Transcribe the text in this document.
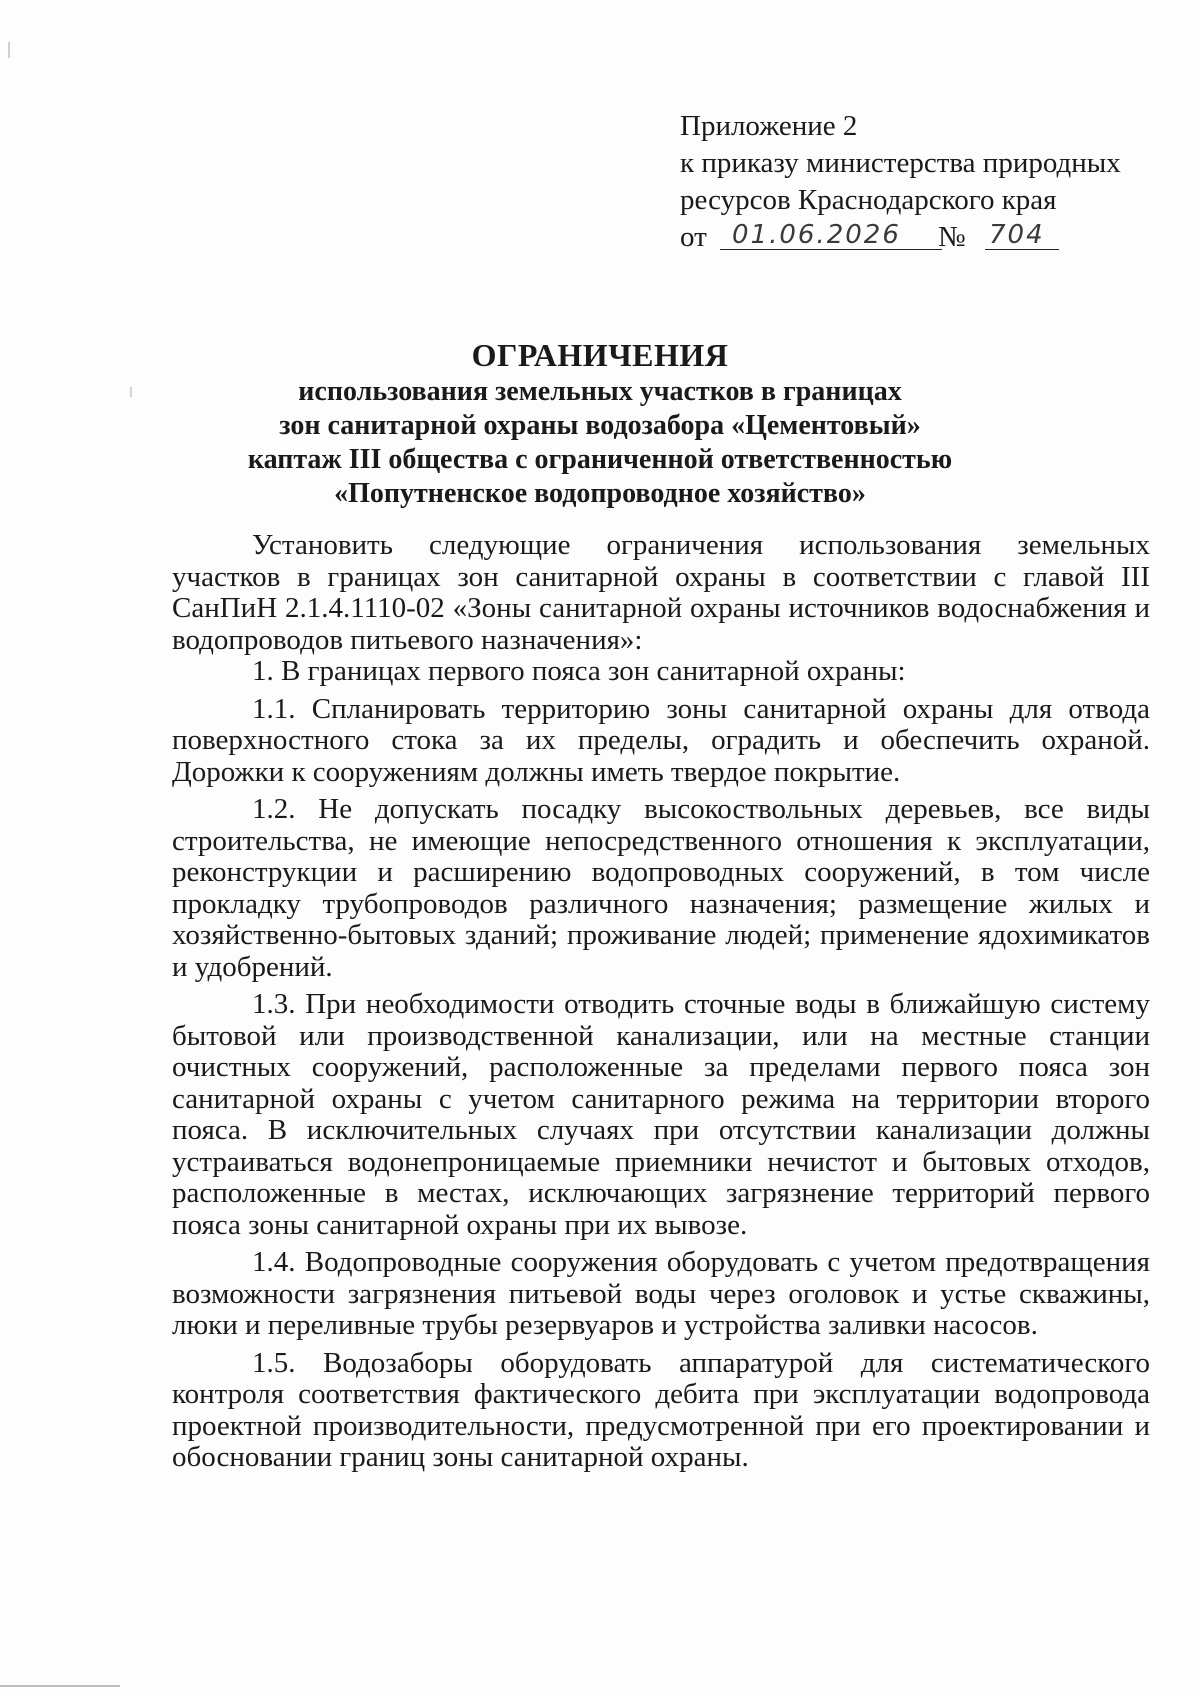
Приложение 2
к приказу министерства природных
ресурсов Краснодарского края
от 01.06.2026	№ 704
ОГРАНИЧЕНИЯ
использования земельных участков в границах
зон санитарной охраны водозабора «Цементовый»
каптаж III общества с ограниченной ответственностью
«Попутненское водопроводное хозяйство»

Установить следующие ограничения использования земельных участков в границах зон санитарной охраны в соответствии с главой III СанПиН 2.1.4.1110-02 «Зоны санитарной охраны источников водоснабжения и водопроводов питьевого назначения»:

1. В границах первого пояса зон санитарной охраны:

1.1. Спланировать территорию зоны санитарной охраны для отвода поверхностного стока за их пределы, оградить и обеспечить охраной. Дорожки к сооружениям должны иметь твердое покрытие.

1.2. Не допускать посадку высокоствольных деревьев, все виды строительства, не имеющие непосредственного отношения к эксплуатации, реконструкции и расширению водопроводных сооружений, в том числе прокладку трубопроводов различного назначения; размещение жилых и хозяйственно-бытовых зданий; проживание людей; применение ядохимикатов и удобрений.

1.3. При необходимости отводить сточные воды в ближайшую систему бытовой или производственной канализации, или на местные станции очистных сооружений, расположенные за пределами первого пояса зон санитарной охраны с учетом санитарного режима на территории второго пояса. В исключительных случаях при отсутствии канализации должны устраиваться водонепроницаемые приемники нечистот и бытовых отходов, расположенные в местах, исключающих загрязнение территорий первого пояса зоны санитарной охраны при их вывозе.

1.4. Водопроводные сооружения оборудовать с учетом предотвращения возможности загрязнения питьевой воды через оголовок и устье скважины, люки и переливные трубы резервуаров и устройства заливки насосов.

1.5. Водозаборы оборудовать аппаратурой для систематического контроля соответствия фактического дебита при эксплуатации водопровода проектной производительности, предусмотренной при его проектировании и обосновании границ зоны санитарной охраны.
